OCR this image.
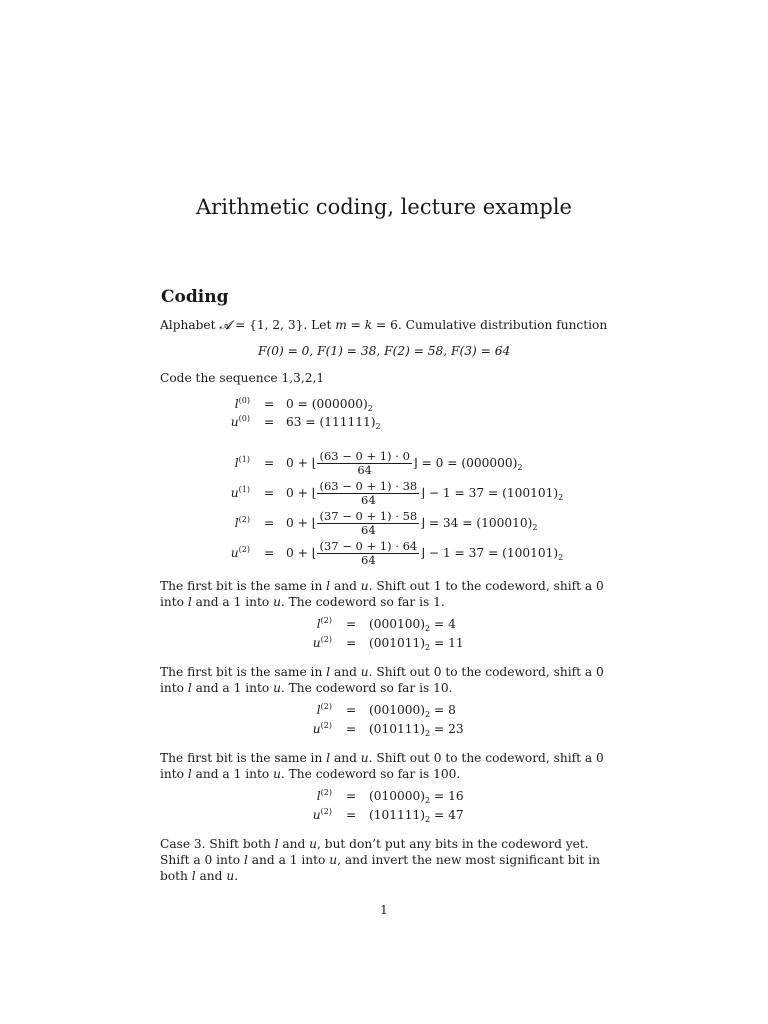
Arithmetic coding, lecture example
Coding
Alphabet 𝓐 = {1, 2, 3}. Let m = k = 6. Cumulative distribution function
F(0) = 0, F(1) = 38, F(2) = 58, F(3) = 64
Code the sequence 1,3,2,1
$l^{(0)} = 0 = (000000)_2$
$u^{(0)} = 63 = (111111)_2$
$l^{(1)} = 0$ + ⌊ $\frac{(63 - 0 + 1) \cdot 0}{64}$ ⌋ = $0 = (000000)_2$
$u^{(1)} = 0$ + ⌊ $\frac{(63 - 0 + 1) \cdot 38}{64}$ ⌋ − $1 = 37 = (100101)_2$
$l^{(2)} = 0$ + ⌊ $\frac{(37 - 0 + 1) \cdot 58}{64}$ ⌋ = $34 = (100010)_2$
$u^{(2)} = 0$ + ⌊ $\frac{(37 - 0 + 1) \cdot 64}{64}$ ⌋ − $1 = 37 = (100101)_2$
The first bit is the same in l and u. Shift out 1 to the codeword, shift a 0 into l and a 1 into u. The codeword so far is 1.
$l^{(2)} = (000100)_2 = 4$
$u^{(2)} = (001011)_2 = 11$
The first bit is the same in l and u. Shift out 0 to the codeword, shift a 0 into l and a 1 into u. The codeword so far is 10.
$l^{(2)} = (001000)_2 = 8$
$u^{(2)} = (010111)_2 = 23$
The first bit is the same in l and u. Shift out 0 to the codeword, shift a 0 into l and a 1 into u. The codeword so far is 100.
$l^{(2)} = (010000)_2 = 16$
$u^{(2)} = (101111)_2 = 47$
Case 3. Shift both l and u, but don’t put any bits in the codeword yet. Shift a 0 into l and a 1 into u, and invert the new most significant bit in both l and u.
1
